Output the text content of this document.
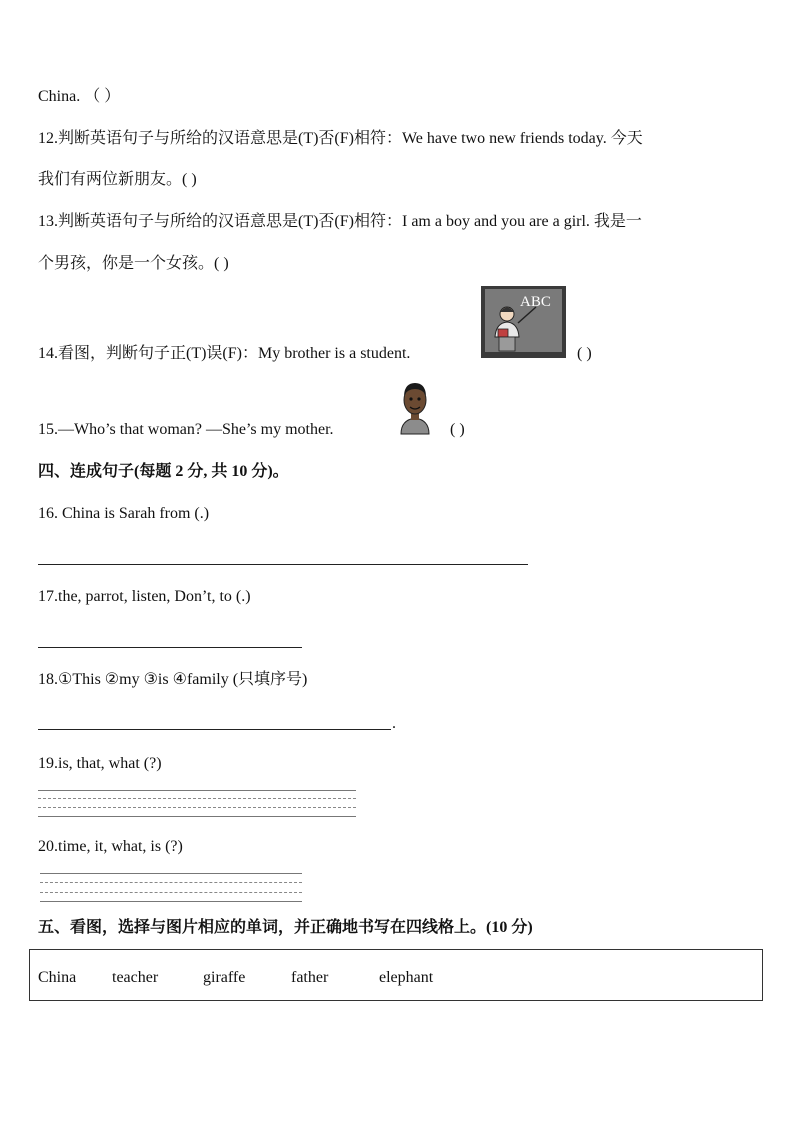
China. （ ）
12.判断英语句子与所给的汉语意思是(T)否(F)相符：We have two new friends today. 今天
我们有两位新朋友。( )
13.判断英语句子与所给的汉语意思是(T)否(F)相符：I am a boy and you are a girl. 我是一
个男孩，你是一个女孩。( )
14.看图，判断句子正(T)误(F)：My brother is a student.
ABC
( )
15.—Who’s that woman? —She’s my mother.	( )
四、连成句子(每题 2 分, 共 10 分)。
16. China is Sarah from (.)
17.the, parrot, listen, Don’t, to (.)
18.①This ②my ③is ④family (只填序号)
.
19.is, that, what (?)
20.time, it, what, is (?)
五、看图，选择与图片相应的单词，并正确地书写在四线格上。(10 分)
China teacher	giraffe	father	elephant
